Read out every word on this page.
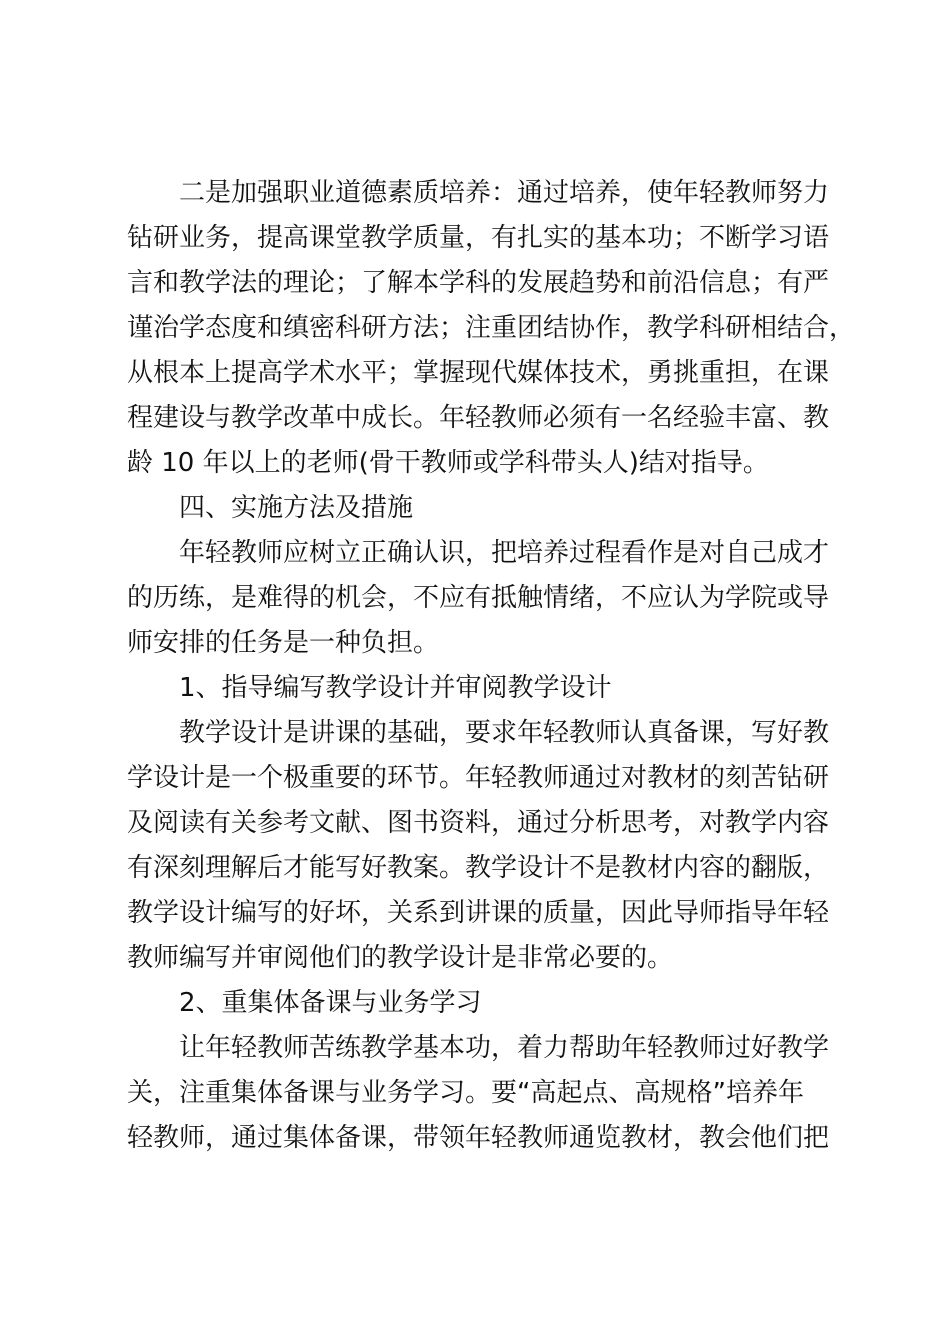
二是加强职业道德素质培养：通过培养，使年轻教师努力
钻研业务，提高课堂教学质量，有扎实的基本功；不断学习语
言和教学法的理论；了解本学科的发展趋势和前沿信息；有严
谨治学态度和缜密科研方法；注重团结协作，教学科研相结合，
从根本上提高学术水平；掌握现代媒体技术，勇挑重担，在课
程建设与教学改革中成长。年轻教师必须有一名经验丰富、教
龄 10 年以上的老师(骨干教师或学科带头人)结对指导。
四、实施方法及措施
年轻教师应树立正确认识，把培养过程看作是对自己成才
的历练，是难得的机会，不应有抵触情绪，不应认为学院或导
师安排的任务是一种负担。
1、指导编写教学设计并审阅教学设计
教学设计是讲课的基础，要求年轻教师认真备课，写好教
学设计是一个极重要的环节。年轻教师通过对教材的刻苦钻研
及阅读有关参考文献、图书资料，通过分析思考，对教学内容
有深刻理解后才能写好教案。教学设计不是教材内容的翻版，
教学设计编写的好坏，关系到讲课的质量，因此导师指导年轻
教师编写并审阅他们的教学设计是非常必要的。
2、重集体备课与业务学习
让年轻教师苦练教学基本功，着力帮助年轻教师过好教学
关，注重集体备课与业务学习。要“高起点、高规格”培养年
轻教师，通过集体备课，带领年轻教师通览教材，教会他们把
